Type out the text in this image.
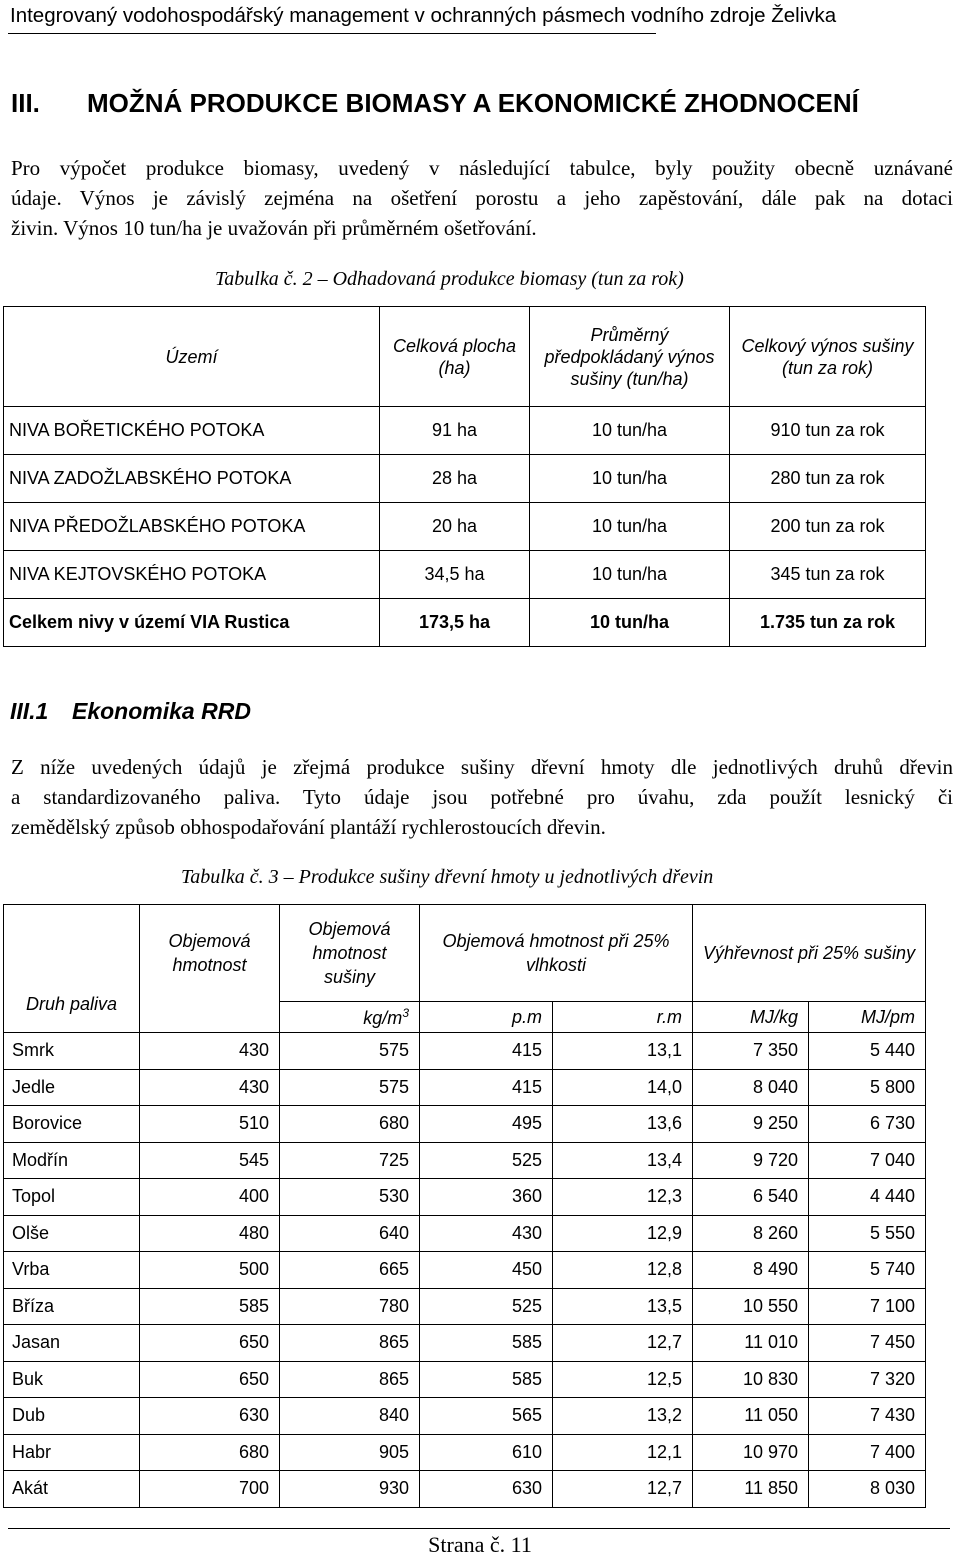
Integrovaný vodohospodářský management v ochranných pásmech vodního zdroje Želivka
III. MOŽNÁ PRODUKCE BIOMASY A EKONOMICKÉ ZHODNOCENÍ
Pro výpočet produkce biomasy, uvedený v následující tabulce, byly použity obecně uznávané
údaje. Výnos je závislý zejména na ošetření porostu a jeho zapěstování, dále pak na dotaci
živin. Výnos 10 tun/ha je uvažován při průměrném ošetřování.
Tabulka č. 2 – Odhadovaná produkce biomasy (tun za rok)
Území	Celková plocha (ha)	Průměrný předpokládaný výnos sušiny (tun/ha)	Celkový výnos sušiny (tun za rok)
NIVA BOŘETICKÉHO POTOKA	91 ha	10 tun/ha	910 tun za rok
NIVA ZADOŽLABSKÉHO POTOKA	28 ha	10 tun/ha	280 tun za rok
NIVA PŘEDOŽLABSKÉHO POTOKA	20 ha	10 tun/ha	200 tun za rok
NIVA KEJTOVSKÉHO POTOKA	34,5 ha	10 tun/ha	345 tun za rok
Celkem nivy v území VIA Rustica	173,5 ha	10 tun/ha	1.735 tun za rok
III.1 Ekonomika RRD
Z níže uvedených údajů je zřejmá produkce sušiny dřevní hmoty dle jednotlivých druhů dřevin
a standardizovaného paliva. Tyto údaje jsou potřebné pro úvahu, zda použít lesnický či
zemědělský způsob obhospodařování plantáží rychlerostoucích dřevin.
Tabulka č. 3 – Produkce sušiny dřevní hmoty u jednotlivých dřevin
Druh paliva	Objemová hmotnost	Objemová hmotnost sušiny	Objemová hmotnost při 25% vlhkosti		Výhřevnost při 25% sušiny	
		$kg/m^3$	p.m	r.m	MJ/kg	MJ/pm
Smrk	430	575	415	13,1	7 350	5 440
Jedle	430	575	415	14,0	8 040	5 800
Borovice	510	680	495	13,6	9 250	6 730
Modřín	545	725	525	13,4	9 720	7 040
Topol	400	530	360	12,3	6 540	4 440
Olše	480	640	430	12,9	8 260	5 550
Vrba	500	665	450	12,8	8 490	5 740
Bříza	585	780	525	13,5	10 550	7 100
Jasan	650	865	585	12,7	11 010	7 450
Buk	650	865	585	12,5	10 830	7 320
Dub	630	840	565	13,2	11 050	7 430
Habr	680	905	610	12,1	10 970	7 400
Akát	700	930	630	12,7	11 850	8 030
Strana č. 11
